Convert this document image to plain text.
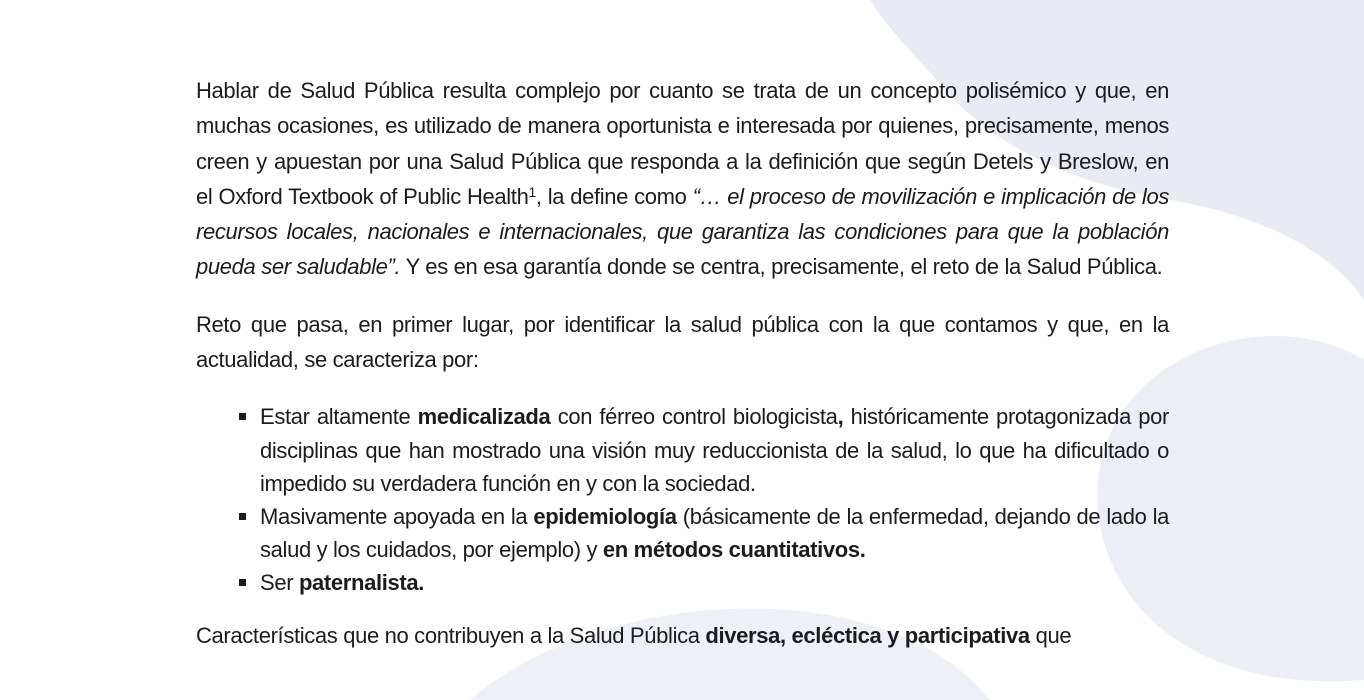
Hablar de Salud Pública resulta complejo por cuanto se trata de un concepto polisémico y que, en muchas ocasiones, es utilizado de manera oportunista e interesada por quienes, precisamente, menos creen y apuestan por una Salud Pública que responda a la definición que según Detels y Breslow, en el Oxford Textbook of Public Health$^1$, la define como “… el proceso de movilización e implicación de los recursos locales, nacionales e internacionales, que garantiza las condiciones para que la población pueda ser saludable”. Y es en esa garantía donde se centra, precisamente, el reto de la Salud Pública.

Reto que pasa, en primer lugar, por identificar la salud pública con la que contamos y que, en la actualidad, se caracteriza por:

Estar altamente medicalizada con férreo control biologicista, históricamente protagonizada por disciplinas que han mostrado una visión muy reduccionista de la salud, lo que ha dificultado o impedido su verdadera función en y con la sociedad.
Masivamente apoyada en la epidemiología (básicamente de la enfermedad, dejando de lado la salud y los cuidados, por ejemplo) y en métodos cuantitativos.
Ser paternalista.

Características que no contribuyen a la Salud Pública diversa, ecléctica y participativa que
